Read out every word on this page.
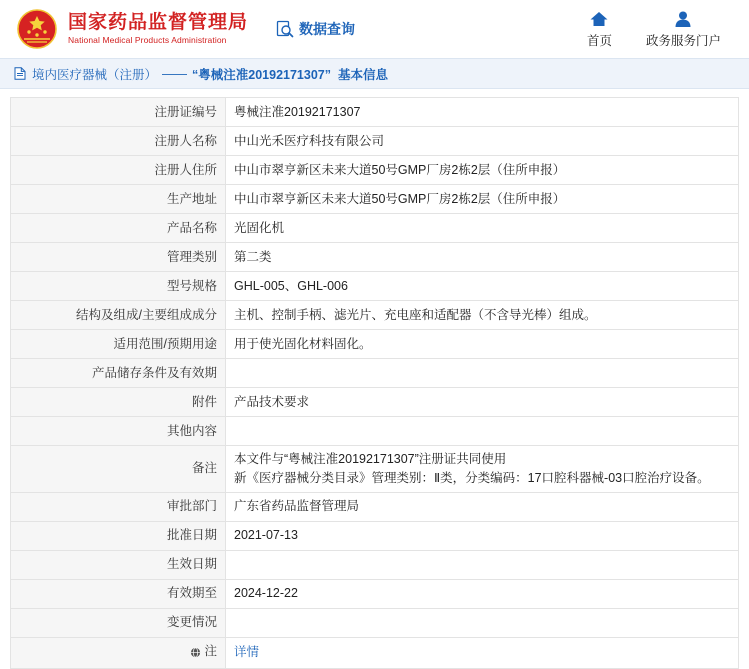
国家药品监督管理局
National Medical Products Administration
数据查询
首页	政务服务门户
境内医疗器械（注册） —— “粤械注准20192171307” 基本信息
注册证编号	粤械注准20192171307

注册人名称	中山光禾医疗科技有限公司

注册人住所	中山市翠亨新区未来大道50号GMP厂房2栋2层（住所申报）

生产地址	中山市翠亨新区未来大道50号GMP厂房2栋2层（住所申报）

产品名称	光固化机

管理类别	第二类

型号规格	GHL-005、GHL-006

结构及组成/主要组成成分	主机、控制手柄、滤光片、充电座和适配器（不含导光棒）组成。

适用范围/预期用途	用于使光固化材料固化。

产品储存条件及有效期	

附件	产品技术要求

其他内容	

备注	本文件与“粤械注准20192171307”注册证共同使用
新《医疗器械分类目录》管理类别：Ⅱ类，分类编码：17口腔科器械-03口腔治疗设备。

审批部门	广东省药品监督管理局

批准日期	2021-07-13

生效日期	

有效期至	2024-12-22

变更情况	

注	详情
